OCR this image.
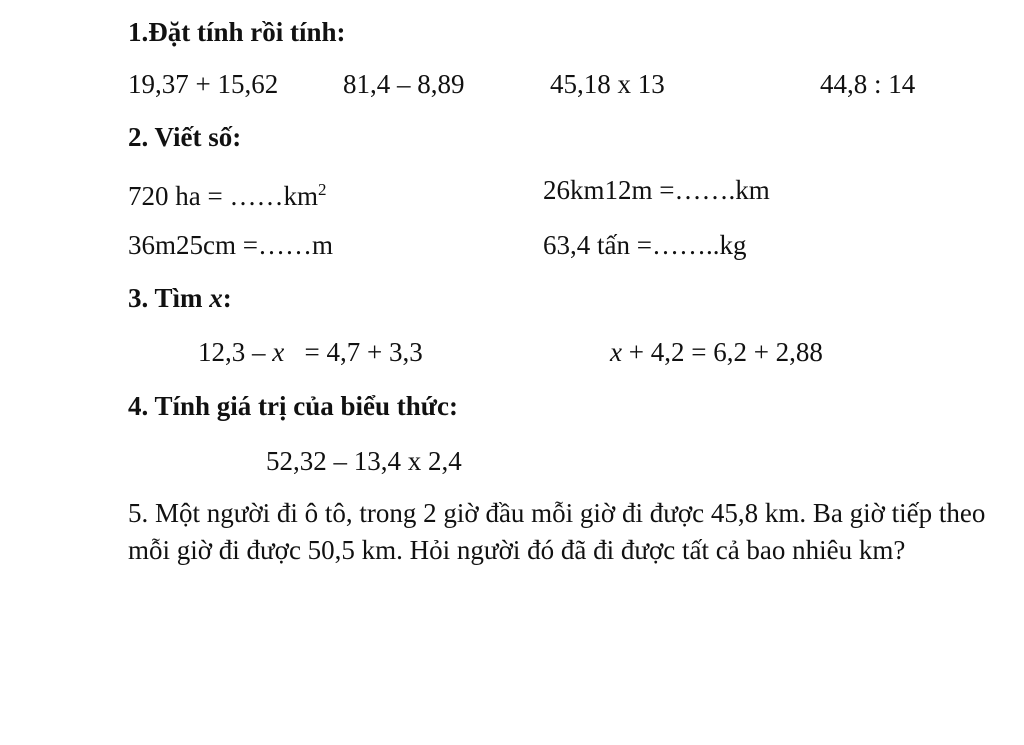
1.Đặt tính rồi tính:
19,37 + 15,62 81,4 – 8,89	45,18 x 13	44,8 : 14
2. Viết số:
720 ha = $\dots\dots km^2$	26km12m =…….km
36m25cm =……m	63,4 tấn =……..kg
3. Tìm x:
12,3 – x   = 4,7 + 3,3	x + 4,2 = 6,2 + 2,88
4. Tính giá trị của biểu thức:
52,32 – 13,4 x 2,4
5. Một người đi ô tô, trong 2 giờ đầu mỗi giờ đi được 45,8 km. Ba giờ tiếp theo mỗi giờ đi được 50,5 km. Hỏi người đó đã đi được tất cả bao nhiêu km?
